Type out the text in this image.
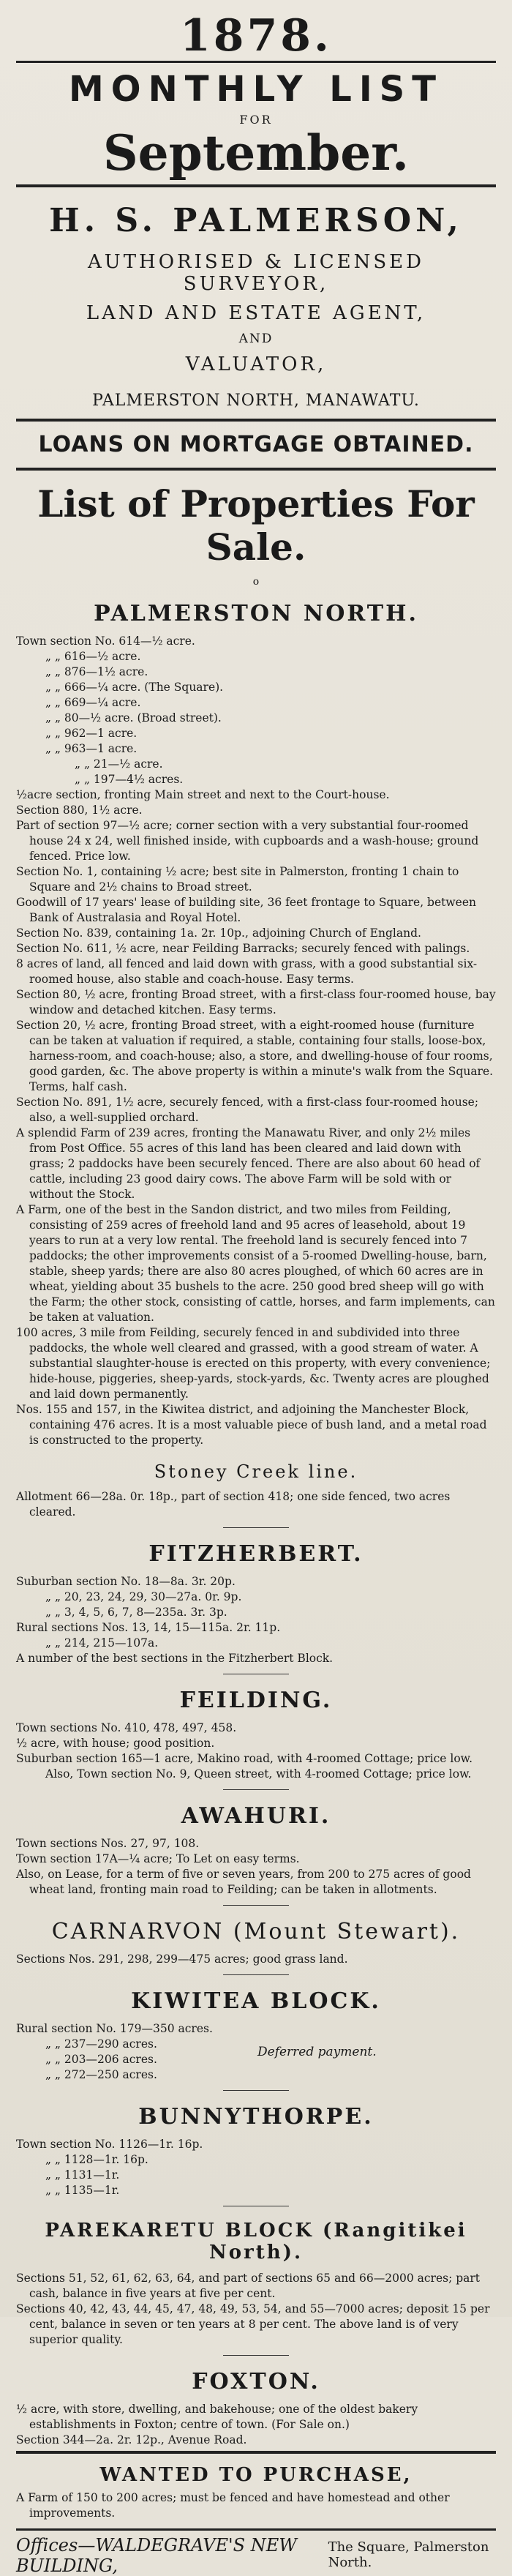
1878.
MONTHLY LIST
FOR
September.
H. S. PALMERSON,
AUTHORISED & LICENSED SURVEYOR,
LAND AND ESTATE AGENT,
AND
VALUATOR,
PALMERSTON NORTH, MANAWATU.
LOANS ON MORTGAGE OBTAINED.
List of Properties For Sale.
o
PALMERSTON NORTH.

Town section No. 614—½ acre.

„ „ 616—½ acre.

„ „ 876—1½ acre.

„ „ 666—¼ acre. (The Square).

„ „ 669—¼ acre.

„ „ 80—½ acre. (Broad street).

„ „ 962—1 acre.

„ „ 963—1 acre.

„ „ 21—½ acre.

„ „ 197—4½ acres.

½acre section, fronting Main street and next to the Court-house.

Section 880, 1½ acre.

Part of section 97—½ acre; corner section with a very substantial four-roomed house 24 x 24, well finished inside, with cupboards and a wash-house; ground fenced. Price low.

Section No. 1, containing ½ acre; best site in Palmerston, fronting 1 chain to Square and 2½ chains to Broad street.

Goodwill of 17 years' lease of building site, 36 feet frontage to Square, between Bank of Australasia and Royal Hotel.

Section No. 839, containing 1a. 2r. 10p., adjoining Church of England.

Section No. 611, ½ acre, near Feilding Barracks; securely fenced with palings.

8 acres of land, all fenced and laid down with grass, with a good substantial six-roomed house, also stable and coach-house. Easy terms.

Section 80, ½ acre, fronting Broad street, with a first-class four-roomed house, bay window and detached kitchen. Easy terms.

Section 20, ½ acre, fronting Broad street, with a eight-roomed house (furniture can be taken at valuation if required, a stable, containing four stalls, loose-box, harness-room, and coach-house; also, a store, and dwelling-house of four rooms, good garden, &c. The above property is within a minute's walk from the Square. Terms, half cash.

Section No. 891, 1½ acre, securely fenced, with a first-class four-roomed house; also, a well-supplied orchard.

A splendid Farm of 239 acres, fronting the Manawatu River, and only 2½ miles from Post Office. 55 acres of this land has been cleared and laid down with grass; 2 paddocks have been securely fenced. There are also about 60 head of cattle, including 23 good dairy cows. The above Farm will be sold with or without the Stock.

A Farm, one of the best in the Sandon district, and two miles from Feilding, consisting of 259 acres of freehold land and 95 acres of leasehold, about 19 years to run at a very low rental. The freehold land is securely fenced into 7 paddocks; the other improvements consist of a 5-roomed Dwelling-house, barn, stable, sheep yards; there are also 80 acres ploughed, of which 60 acres are in wheat, yielding about 35 bushels to the acre. 250 good bred sheep will go with the Farm; the other stock, consisting of cattle, horses, and farm implements, can be taken at valuation.

100 acres, 3 mile from Feilding, securely fenced in and subdivided into three paddocks, the whole well cleared and grassed, with a good stream of water. A substantial slaughter-house is erected on this property, with every convenience; hide-house, piggeries, sheep-yards, stock-yards, &c. Twenty acres are ploughed and laid down permanently.

Nos. 155 and 157, in the Kiwitea district, and adjoining the Manchester Block, containing 476 acres. It is a most valuable piece of bush land, and a metal road is constructed to the property.

Stoney Creek line.

Allotment 66—28a. 0r. 18p., part of section 418; one side fenced, two acres cleared.

FITZHERBERT.

Suburban section No. 18—8a. 3r. 20p.

„ „ 20, 23, 24, 29, 30—27a. 0r. 9p.

„ „ 3, 4, 5, 6, 7, 8—235a. 3r. 3p.

Rural sections Nos. 13, 14, 15—115a. 2r. 11p.

„ „ 214, 215—107a.

A number of the best sections in the Fitzherbert Block.

FEILDING.

Town sections No. 410, 478, 497, 458.

½ acre, with house; good position.

Suburban section 165—1 acre, Makino road, with 4-roomed Cottage; price low.

Also, Town section No. 9, Queen street, with 4-roomed Cottage; price low.

AWAHURI.

Town sections Nos. 27, 97, 108.

Town section 17A—¼ acre; To Let on easy terms.

Also, on Lease, for a term of five or seven years, from 200 to 275 acres of good wheat land, fronting main road to Feilding; can be taken in allotments.

CARNARVON (Mount Stewart).

Sections Nos. 291, 298, 299—475 acres; good grass land.

KIWITEA BLOCK.

Rural section No. 179—350 acres.

„ „ 237—290 acres.

„ „ 203—206 acres.

„ „ 272—250 acres.

Deferred payment.
BUNNYTHORPE.

Town section No. 1126—1r. 16p.

„ „ 1128—1r. 16p.

„ „ 1131—1r.

„ „ 1135—1r.

PAREKARETU BLOCK (Rangitikei North).

Sections 51, 52, 61, 62, 63, 64, and part of sections 65 and 66—2000 acres; part cash, balance in five years at five per cent.

Sections 40, 42, 43, 44, 45, 47, 48, 49, 53, 54, and 55—7000 acres; deposit 15 per cent, balance in seven or ten years at 8 per cent. The above land is of very superior quality.

FOXTON.

½ acre, with store, dwelling, and bakehouse; one of the oldest bakery establishments in Foxton; centre of town. (For Sale on.)

Section 344—2a. 2r. 12p., Avenue Road.

WANTED TO PURCHASE,

A Farm of 150 to 200 acres; must be fenced and have homestead and other improvements.

Offices—WALDEGRAVE'S NEW BUILDING,
The Square, Palmerston North.
